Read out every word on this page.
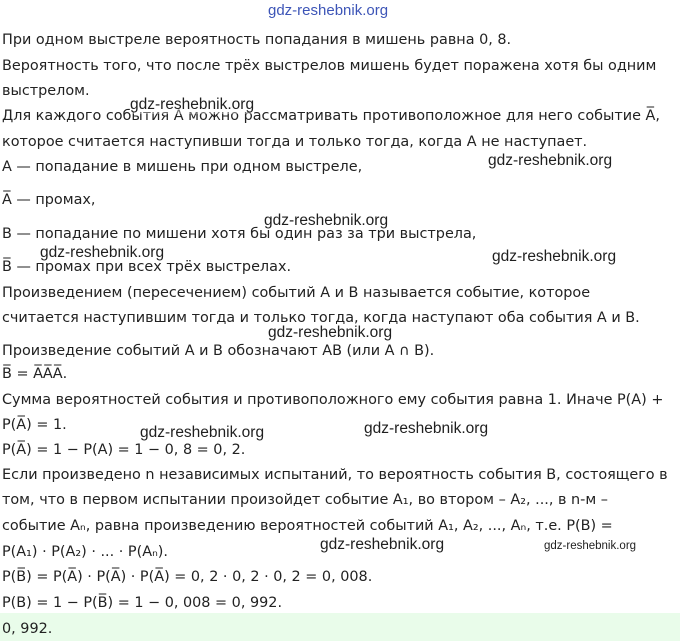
gdz-reshebnik.org
При одном выстреле вероятность попадания в мишень равна 0, 8.
Вероятность того, что после трёх выстрелов мишень будет поражена хотя бы одним
выстрелом.
Для каждого события A можно рассматривать противоположное для него событие A̅,
которое считается наступивши тогда и только тогда, когда A не наступает.
A — попадание в мишень при одном выстреле,
A̅ — промах,
B — попадание по мишени хотя бы один раз за три выстрела,
B̅ — промах при всех трёх выстрелах.
Произведением (пересечением) событий A и B называется событие, которое
считается наступившим тогда и только тогда, когда наступают оба события A и B.
Произведение событий A и B обозначают AB (или A ∩ B).
B̅ = A̅A̅A̅.
Сумма вероятностей события и противоположного ему события равна 1. Иначе P(A) +
P(A̅) = 1.
P(A̅) = 1 − P(A) = 1 − 0, 8 = 0, 2.
Если произведено n независимых испытаний, то вероятность события B, состоящего в
том, что в первом испытании произойдет событие A₁, во втором – A₂, ..., в n-м –
событие Aₙ, равна произведению вероятностей событий A₁, A₂, ..., Aₙ, т.е. P(B) =
P(A₁) · P(A₂) · ... · P(Aₙ).
P(B̅) = P(A̅) · P(A̅) · P(A̅) = 0, 2 · 0, 2 · 0, 2 = 0, 008.
P(B) = 1 − P(B̅) = 1 − 0, 008 = 0, 992.
0, 992.
gdz-reshebnik.org
gdz-reshebnik.org
gdz-reshebnik.org
gdz-reshebnik.org	gdz-reshebnik.org
gdz-reshebnik.org
gdz-reshebnik.org	gdz-reshebnik.org
gdz-reshebnik.org	gdz-reshebnik.org
